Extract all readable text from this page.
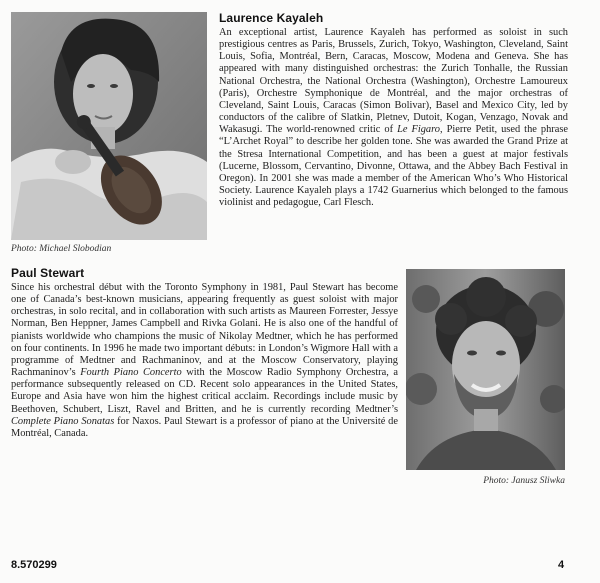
Photo: Michael Slobodian
Laurence Kayaleh

An exceptional artist, Laurence Kayaleh has performed as soloist in such prestigious centres as Paris, Brussels, Zurich, Tokyo, Washington, Cleveland, Saint Louis, Sofia, Montréal, Bern, Caracas, Moscow, Modena and Geneva. She has appeared with many distinguished orchestras: the Zurich Tonhalle, the Russian National Orchestra, the National Orchestra (Washington), Orchestre Lamoureux (Paris), Orchestre Symphonique de Montréal, and the major orchestras of Cleveland, Saint Louis, Caracas (Simon Bolivar), Basel and Mexico City, led by conductors of the calibre of Slatkin, Pletnev, Dutoit, Kogan, Venzago, Novak and Wakasugi. The world-renowned critic of Le Figaro, Pierre Petit, used the phrase “L’Archet Royal” to describe her golden tone. She was awarded the Grand Prize at the Stresa International Competition, and has been a guest at major festivals (Lucerne, Blossom, Cervantino, Divonne, Ottawa, and the Abbey Bach Festival in Oregon). In 2001 she was made a member of the American Who’s Who Historical Society. Laurence Kayaleh plays a 1742 Guarnerius which belonged to the famous violinist and pedagogue, Carl Flesch.

Paul Stewart

Since his orchestral début with the Toronto Symphony in 1981, Paul Stewart has become one of Canada’s best-known musicians, appearing frequently as guest soloist with major orchestras, in solo recital, and in collaboration with such artists as Maureen Forrester, Jessye Norman, Ben Heppner, James Campbell and Rivka Golani. He is also one of the handful of pianists worldwide who champions the music of Nikolay Medtner, which he has performed on four continents. In 1996 he made two important débuts: in London’s Wigmore Hall with a programme of Medtner and Rachmaninov, and at the Moscow Conservatory, playing Rachmaninov’s Fourth Piano Concerto with the Moscow Radio Symphony Orchestra, a performance subsequently released on CD. Recent solo appearances in the United States, Europe and Asia have won him the highest critical acclaim. Recordings include music by Beethoven, Schubert, Liszt, Ravel and Britten, and he is currently recording Medtner’s Complete Piano Sonatas for Naxos. Paul Stewart is a professor of piano at the Université de Montréal, Canada.

Photo: Janusz Sliwka
8.570299	4
